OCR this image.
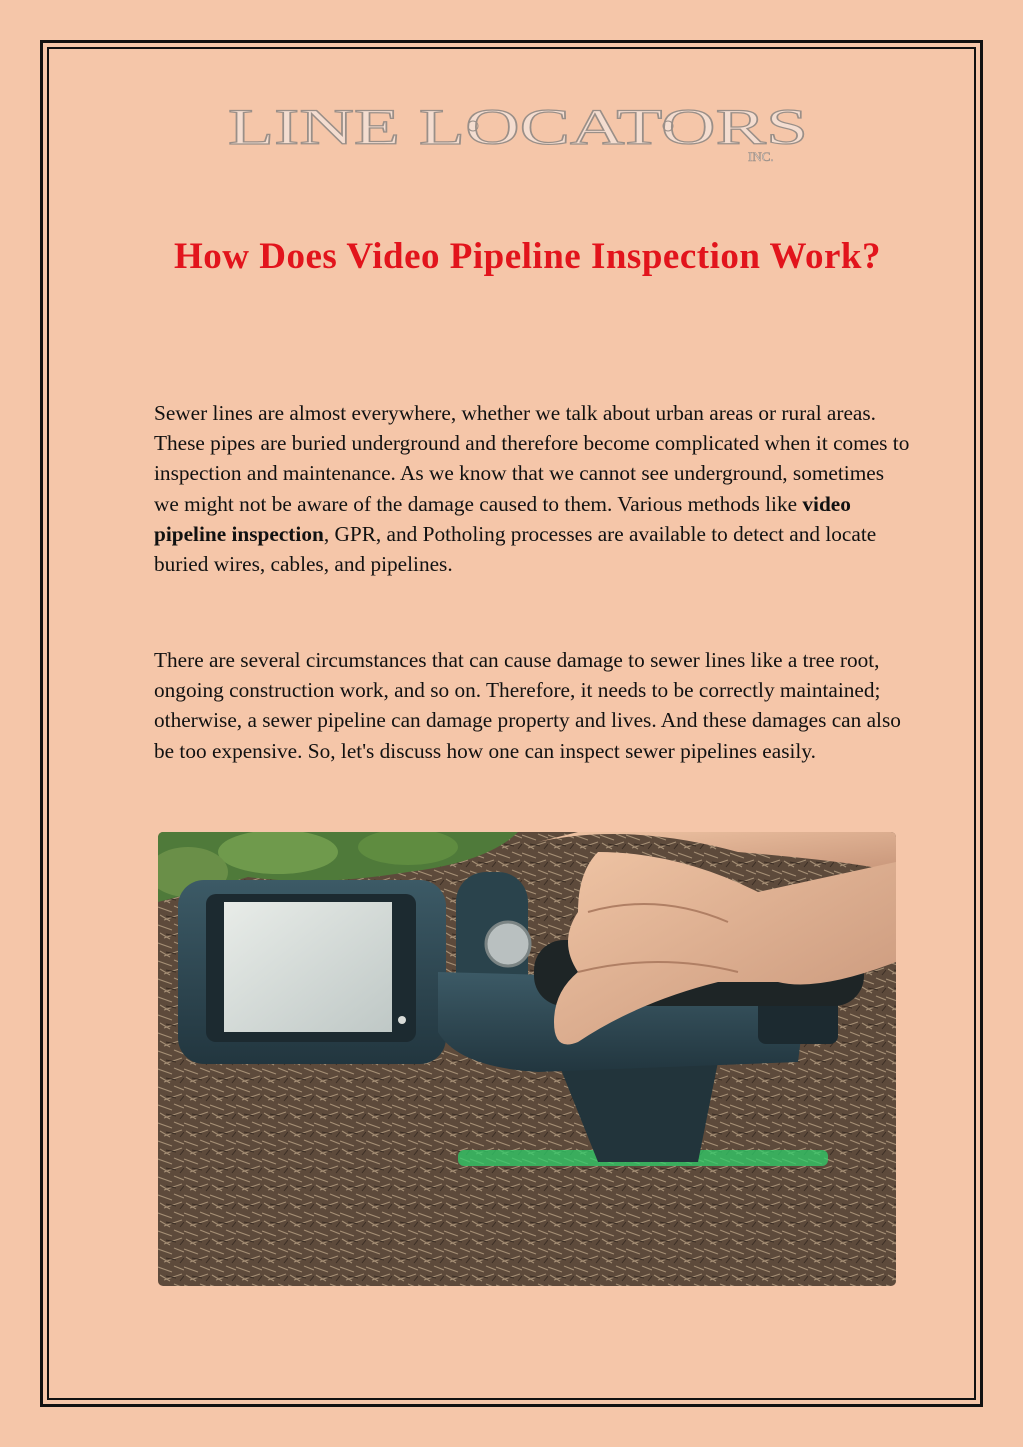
LINE LOCATORS
INC.
How Does Video Pipeline Inspection Work?

Sewer lines are almost everywhere, whether we talk about urban areas or rural areas. These pipes are buried underground and therefore become complicated when it comes to inspection and maintenance. As we know that we cannot see underground, sometimes we might not be aware of the damage caused to them. Various methods like video pipeline inspection, GPR, and Potholing processes are available to detect and locate buried wires, cables, and pipelines.

There are several circumstances that can cause damage to sewer lines like a tree root, ongoing construction work, and so on. Therefore, it needs to be correctly maintained; otherwise, a sewer pipeline can damage property and lives. And these damages can also be too expensive. So, let's discuss how one can inspect sewer pipelines easily.
